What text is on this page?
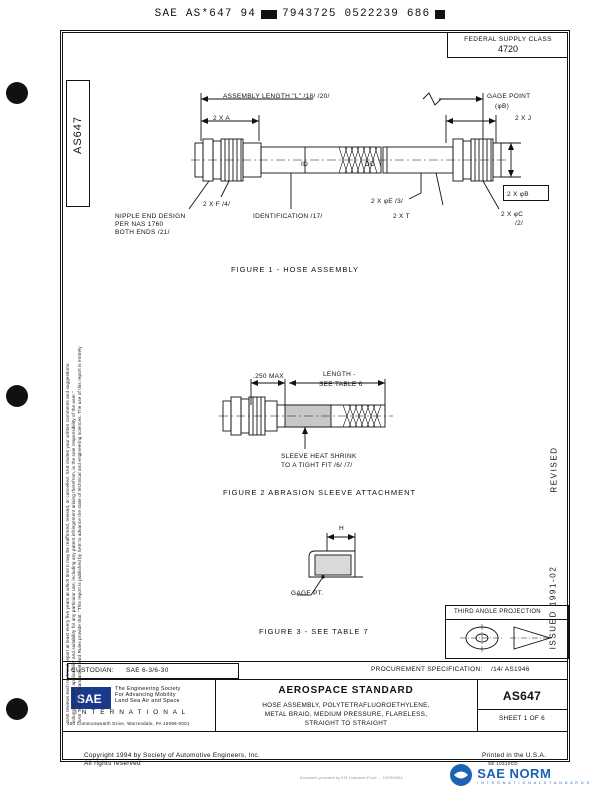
SAE AS*647 94 7943725 0522239 686
FEDERAL SUPPLY CLASS
4720
ASSEMBLY LENGTH "L" /18/ /20/	GAGE POINT
(φB)
2 X A	2 X J
ID	DD
2 X F /4/	2 X φE /3/
2 X T
2 X φB
2 X φC
/2/
NIPPLE END DESIGN
PER NAS 1760
BOTH ENDS /21/
IDENTIFICATION /17/
FIGURE 1 - HOSE ASSEMBLY
.250 MAX	LENGTH -
SEE TABLE 6
SLEEVE HEAT SHRINK
TO A TIGHT FIT /6/ /7/
FIGURE 2 ABRASION SLEEVE ATTACHMENT
H
GAGE PT.
FIGURE 3 - SEE TABLE 7
THIRD ANGLE PROJECTION
CUSTODIAN: SAE 6-3/6-30	PROCUREMENT SPECIFICATION: /14/ AS1946
SAE
The Engineering Society
For Advancing Mobility
Land Sea Air and Space
I N T E R N A T I O N A L
400 Commonwealth Drive, Warrendale, PA 15096-0001
AEROSPACE STANDARD
HOSE ASSEMBLY, POLYTETRAFLUOROETHYLENE,
METAL BRAID, MEDIUM PRESSURE, FLARELESS,
STRAIGHT TO STRAIGHT
AS647
SHEET 1 OF 6
REVISED
ISSUED 1991-02
AS647
SAE Technical Standards Board Rules provide that: "This report is published by SAE to advance the state of technical and engineering sciences. The use of this report is entirely
voluntary, and its applicability and suitability for any particular use, including any patent infringement arising therefrom, is the sole responsibility of the user."
SAE reviews each technical report at least every five years at which time it may be reaffirmed, revised, or cancelled. SAE invites your written comments and suggestions.
Copyright 1994 by Society of Automotive Engineers, Inc.
All rights reserved
Printed in the U.S.A.
SE 10310CD
Document provided by IHS Licensee=Ford/..., 10/25/2004	SAE NORM
I N T E R N A T I O N A L S T A N D A R D S
